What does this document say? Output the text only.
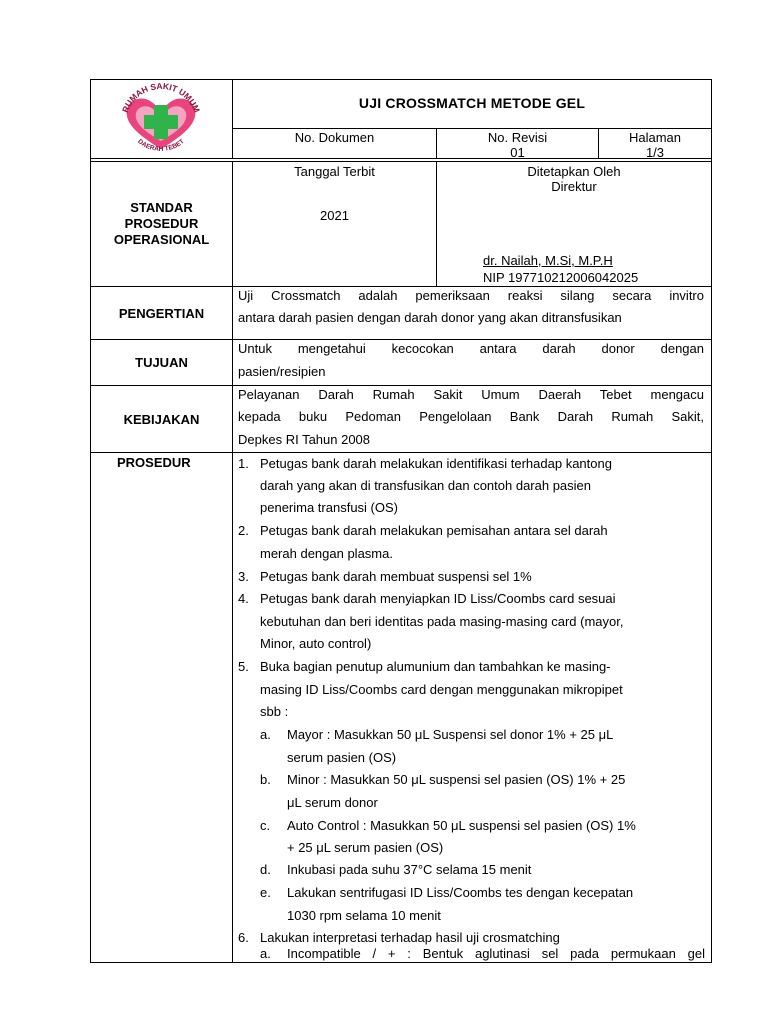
RUMAH SAKIT UMUM
DAERAH TEBET
UJI CROSSMATCH METODE GEL
No. Dokumen	No. Revisi
01
Halaman
1/3
STANDAR
PROSEDUR
OPERASIONAL
Tanggal Terbit
2021
Ditetapkan Oleh
Direktur
dr. Nailah, M.Si, M.P.H
NIP 197710212006042025
PENGERTIAN
Uji Crossmatch adalah pemeriksaan reaksi silang secara invitro
antara darah pasien dengan darah donor yang akan ditransfusikan
TUJUAN
Untuk mengetahui kecocokan antara darah donor dengan
pasien/resipien
KEBIJAKAN
Pelayanan Darah Rumah Sakit Umum Daerah Tebet mengacu
kepada buku Pedoman Pengelolaan Bank Darah Rumah Sakit,
Depkes RI Tahun 2008
PROSEDUR	1. Petugas bank darah melakukan identifikasi terhadap kantong
darah yang akan di transfusikan dan contoh darah pasien
penerima transfusi (OS)
2. Petugas bank darah melakukan pemisahan antara sel darah
merah dengan plasma.
3. Petugas bank darah membuat suspensi sel 1%
4. Petugas bank darah menyiapkan ID Liss/Coombs card sesuai
kebutuhan dan beri identitas pada masing-masing card (mayor,
Minor, auto control)
5. Buka bagian penutup alumunium dan tambahkan ke masing-
masing ID Liss/Coombs card dengan menggunakan mikropipet
sbb :
a. Mayor : Masukkan 50 μL Suspensi sel donor 1% + 25 μL
serum pasien (OS)
b. Minor : Masukkan 50 μL suspensi sel pasien (OS) 1% + 25
μL serum donor
c. Auto Control : Masukkan 50 μL suspensi sel pasien (OS) 1%
+ 25 μL serum pasien (OS)
d. Inkubasi pada suhu 37°C selama 15 menit
e. Lakukan sentrifugasi ID Liss/Coombs tes dengan kecepatan
1030 rpm selama 10 menit
6. Lakukan interpretasi terhadap hasil uji crosmatching
a. Incompatible / + : Bentuk aglutinasi sel pada permukaan gel
